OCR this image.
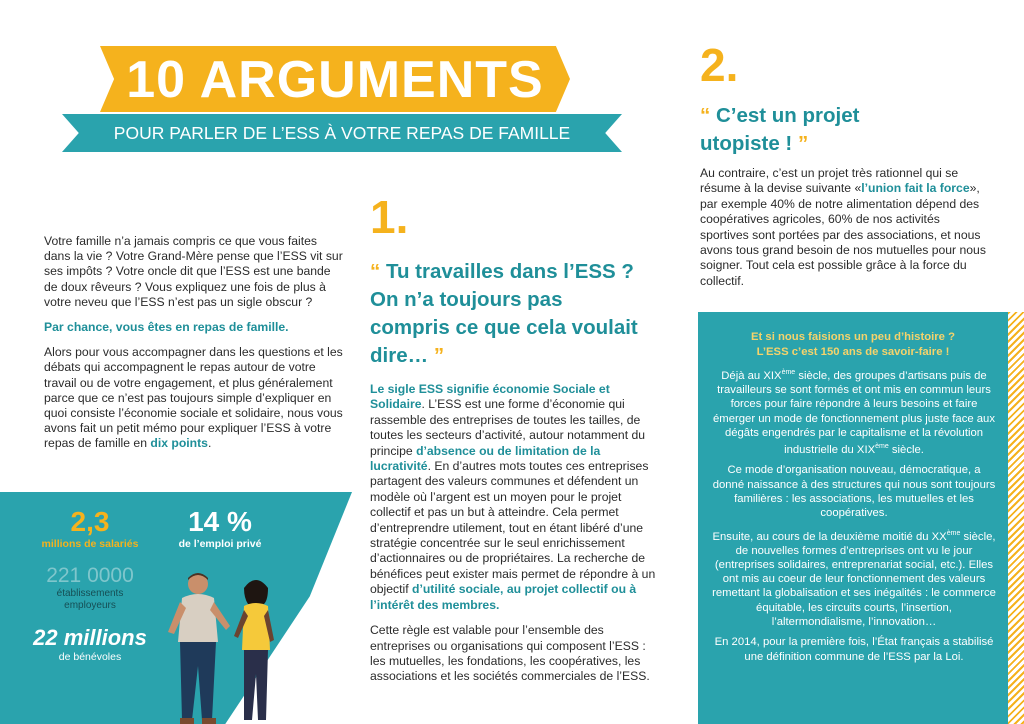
10 ARGUMENTS
POUR PARLER DE L’ESS À VOTRE REPAS DE FAMILLE

Votre famille n’a jamais compris ce que vous faites dans la vie ? Votre Grand-Mère pense que l’ESS vit sur ses impôts ? Votre oncle dit que l’ESS est une bande de doux rêveurs ? Vous expliquez une fois de plus à votre neveu que l’ESS n’est pas un sigle obscur ?

Par chance, vous êtes en repas de famille.

Alors pour vous accompagner dans les questions et les débats qui accompagnent le repas autour de votre travail ou de votre engagement, et plus généralement parce que ce n’est pas toujours simple d’expliquer en quoi consiste l’économie sociale et solidaire, nous vous avons fait un petit mémo pour expliquer l’ESS à votre repas de famille en dix points.

2,3
millions de salariés
14 %
de l’emploi privé
221 0000
établissements
employeurs
22 millions
de bénévoles
1.
“ Tu travailles dans l’ESS ? On n’a toujours pas compris ce que cela voulait dire… ”

Le sigle ESS signifie économie Sociale et Solidaire. L’ESS est une forme d’économie qui rassemble des entreprises de toutes les tailles, de toutes les secteurs d’activité, autour notamment du principe d’absence ou de limitation de la lucrativité. En d’autres mots toutes ces entreprises partagent des valeurs communes et défendent un modèle où l’argent est un moyen pour le projet collectif et pas un but à atteindre. Cela permet d’entreprendre utilement, tout en étant libéré d’une stratégie concentrée sur le seul enrichissement d’actionnaires ou de propriétaires. La recherche de bénéfices peut exister mais permet de répondre à un objectif d’utilité sociale, au projet collectif ou à l’intérêt des membres.

Cette règle est valable pour l’ensemble des entreprises ou organisations qui composent l’ESS : les mutuelles, les fondations, les coopératives, les associations et les sociétés commerciales de l’ESS.

2.
“ C’est un projet utopiste ! ”

Au contraire, c’est un projet très rationnel qui se résume à la devise suivante «l’union fait la force», par exemple 40% de notre alimentation dépend des coopératives agricoles, 60% de nos activités sportives sont portées par des associations, et nous avons tous grand besoin de nos mutuelles pour nous soigner. Tout cela est possible grâce à la force du collectif.

Et si nous faisions un peu d’histoire ?
L’ESS c’est 150 ans de savoir-faire !

Déjà au XIXème siècle, des groupes d’artisans puis de travailleurs se sont formés et ont mis en commun leurs forces pour faire répondre à leurs besoins et faire émerger un mode de fonctionnement plus juste face aux dégâts engendrés par le capitalisme et la révolution industrielle du XIXème siècle.

Ce mode d’organisation nouveau, démocratique, a donné naissance à des structures qui nous sont toujours familières : les associations, les mutuelles et les coopératives.

Ensuite, au cours de la deuxième moitié du XXème siècle, de nouvelles formes d’entreprises ont vu le jour (entreprises solidaires, entreprenariat social, etc.). Elles ont mis au coeur de leur fonctionnement des valeurs remettant la globalisation et ses inégalités : le commerce équitable, les circuits courts, l’insertion, l’altermondialisme, l’innovation…

En 2014, pour la première fois, l’État français a stabilisé une définition commune de l’ESS par la Loi.
